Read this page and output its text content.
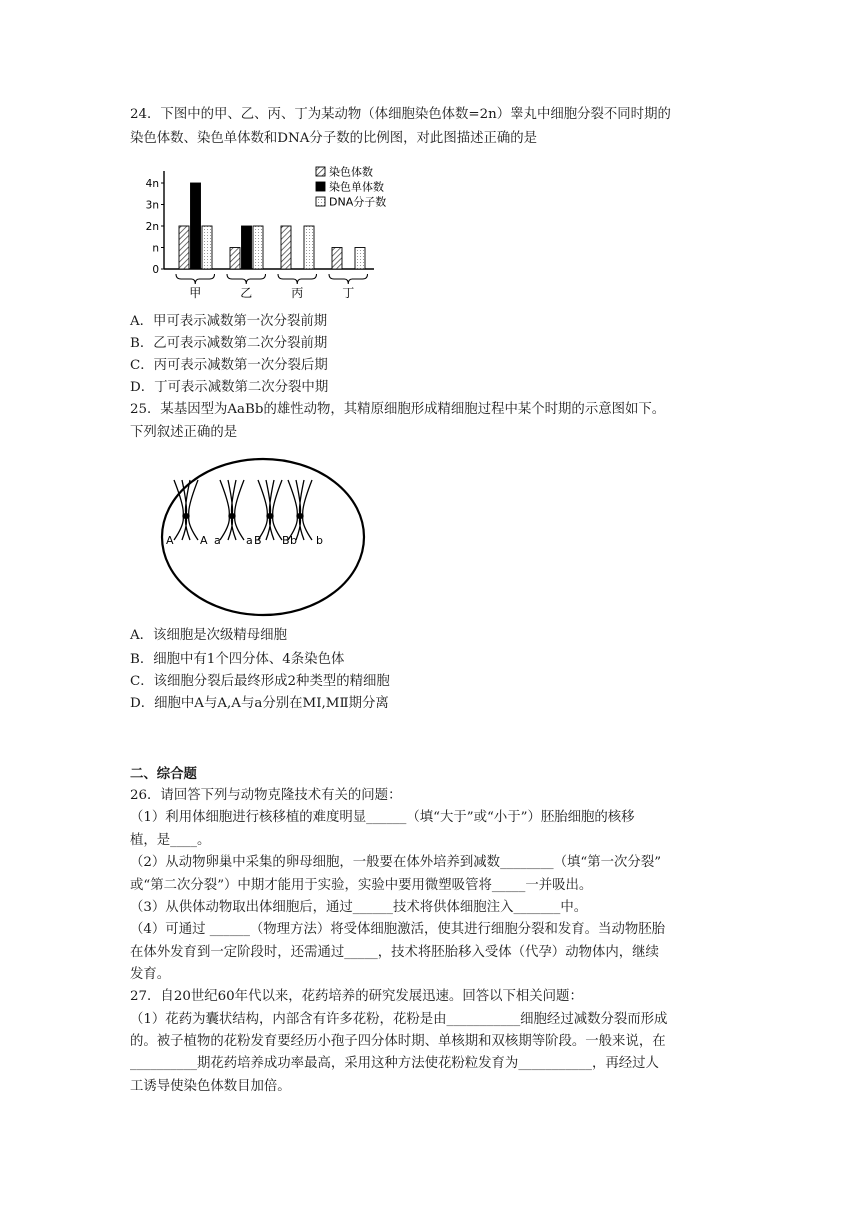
24．下图中的甲、乙、丙、丁为某动物（体细胞染色体数=2n）睾丸中细胞分裂不同时期的
染色体数、染色单体数和DNA分子数的比例图，对此图描述正确的是
0
n
2n
3n
4n
甲	乙	丙	丁
染色体数
染色单体数
DNA分子数
A．甲可表示减数第一次分裂前期
B．乙可表示减数第二次分裂前期
C．丙可表示减数第一次分裂后期
D．丁可表示减数第二次分裂中期
25．某基因型为AaBb的雄性动物，其精原细胞形成精细胞过程中某个时期的示意图如下。
下列叙述正确的是
A A a a B B b b
A．该细胞是次级精母细胞
B．细胞中有1个四分体、4条染色体
C．该细胞分裂后最终形成2种类型的精细胞
D．细胞中A与A,A与a分别在MⅠ,MⅡ期分离
二、综合题
26．请回答下列与动物克隆技术有关的问题：
（1）利用体细胞进行核移植的难度明显______（填“大于”或“小于”）胚胎细胞的核移
植，是____。
（2）从动物卵巢中采集的卵母细胞，一般要在体外培养到减数________（填“第一次分裂”
或“第二次分裂”）中期才能用于实验，实验中要用微塑吸管将_____一并吸出。
（3）从供体动物取出体细胞后，通过______技术将供体细胞注入_______中。
（4）可通过 ______（物理方法）将受体细胞激活，使其进行细胞分裂和发育。当动物胚胎
在体外发育到一定阶段时，还需通过_____，技术将胚胎移入受体（代孕）动物体内，继续
发育。
27．自20世纪60年代以来，花药培养的研究发展迅速。回答以下相关问题：
（1）花药为囊状结构，内部含有许多花粉，花粉是由___________细胞经过减数分裂而形成
的。被子植物的花粉发育要经历小孢子四分体时期、单核期和双核期等阶段。一般来说，在
__________期花药培养成功率最高，采用这种方法使花粉粒发育为___________，再经过人
工诱导使染色体数目加倍。
